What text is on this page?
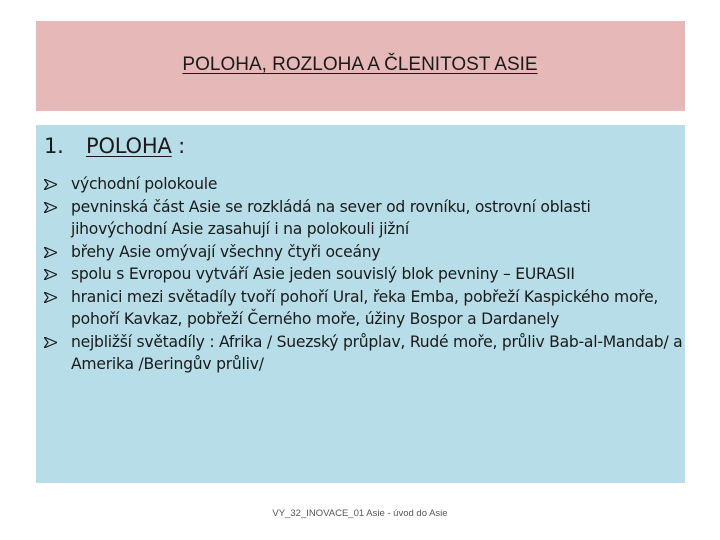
POLOHA, ROZLOHA A ČLENITOST ASIE
1. POLOHA :
východní polokoule
pevninská část Asie se rozkládá na sever od rovníku, ostrovní oblasti jihovýchodní Asie zasahují i na polokouli jižní
břehy Asie omývají všechny čtyři oceány
spolu s Evropou vytváří Asie jeden souvislý blok pevniny – EURASII
hranici mezi světadíly tvoří pohoří Ural, řeka Emba, pobřeží Kaspického moře, pohoří Kavkaz, pobřeží Černého moře, úžiny Bospor a Dardanely
nejbližší světadíly : Afrika / Suezský průplav, Rudé moře, průliv Bab-al-Mandab/ a Amerika /Beringův průliv/
VY_32_INOVACE_01 Asie - úvod do Asie
